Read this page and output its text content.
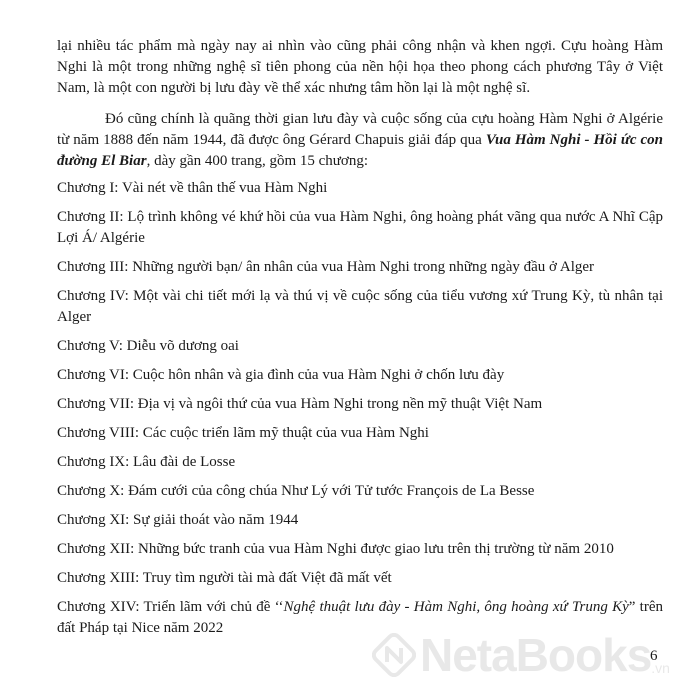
lại nhiều tác phẩm mà ngày nay ai nhìn vào cũng phải công nhận và khen ngợi. Cựu hoàng Hàm Nghi là một trong những nghệ sĩ tiên phong của nền hội họa theo phong cách phương Tây ở Việt Nam, là một con người bị lưu đày về thể xác nhưng tâm hồn lại là một nghệ sĩ.

Đó cũng chính là quãng thời gian lưu đày và cuộc sống của cựu hoàng Hàm Nghi ở Algérie từ năm 1888 đến năm 1944, đã được ông Gérard Chapuis giải đáp qua Vua Hàm Nghi - Hồi ức con đường El Biar, dày gần 400 trang, gồm 15 chương:

Chương I: Vài nét về thân thế vua Hàm Nghi

Chương II: Lộ trình không vé khứ hồi của vua Hàm Nghi, ông hoàng phát vãng qua nước A Nhĩ Cập Lợi Á/ Algérie

Chương III: Những người bạn/ ân nhân của vua Hàm Nghi trong những ngày đầu ở Alger

Chương IV: Một vài chi tiết mới lạ và thú vị về cuộc sống của tiểu vương xứ Trung Kỳ, tù nhân tại Alger

Chương V: Diễu võ dương oai

Chương VI: Cuộc hôn nhân và gia đình của vua Hàm Nghi ở chốn lưu đày

Chương VII: Địa vị và ngôi thứ của vua Hàm Nghi trong nền mỹ thuật Việt Nam

Chương VIII: Các cuộc triển lãm mỹ thuật của vua Hàm Nghi

Chương IX: Lâu đài de Losse

Chương X: Đám cưới của công chúa Như Lý với Tử tước François de La Besse

Chương XI: Sự giải thoát vào năm 1944

Chương XII: Những bức tranh của vua Hàm Nghi được giao lưu trên thị trường từ năm 2010

Chương XIII: Truy tìm người tài mà đất Việt đã mất vết

Chương XIV: Triển lãm với chủ đề ‘‘Nghệ thuật lưu đày - Hàm Nghi, ông hoàng xứ Trung Kỳ” trên đất Pháp tại Nice năm 2022

6
NetaBooks .vn
